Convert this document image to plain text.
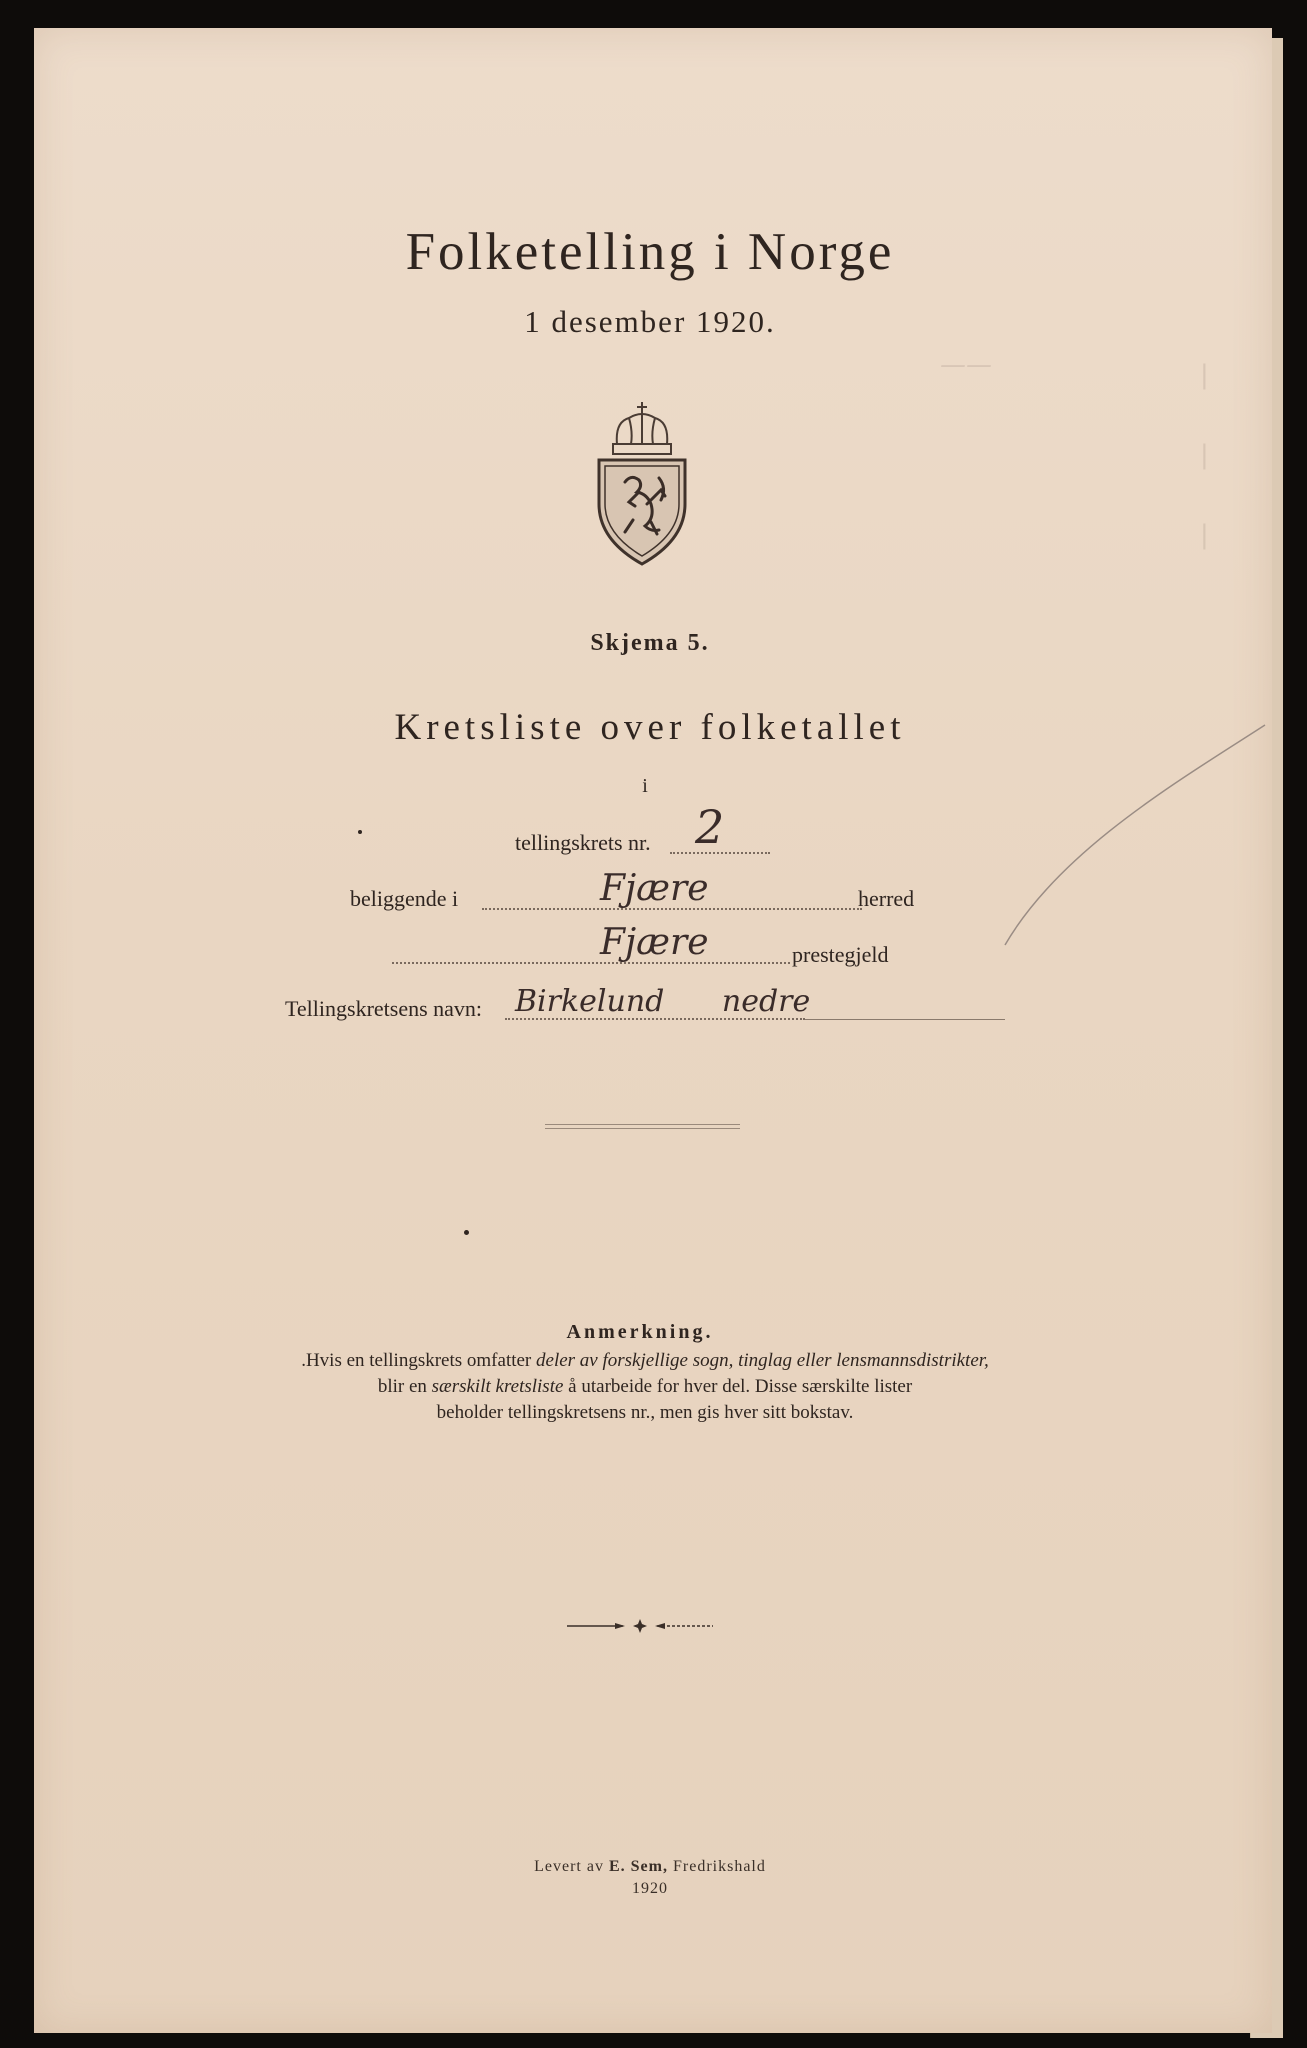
——	|
|
|
Folketelling i Norge
1 desember 1920.
Skjema 5.
Kretsliste over folketallet
i
tellingskrets nr. 2
beliggende i	Fjære	herred
Fjære	prestegjeld
Tellingskretsens navn: Birkelund nedre
Anmerkning.
.Hvis en tellingskrets omfatter deler av forskjellige sogn, tinglag eller lensmannsdistrikter,
blir en særskilt kretsliste å utarbeide for hver del. Disse særskilte lister
beholder tellingskretsens nr., men gis hver sitt bokstav.
Levert av E. Sem, Fredrikshald
1920
